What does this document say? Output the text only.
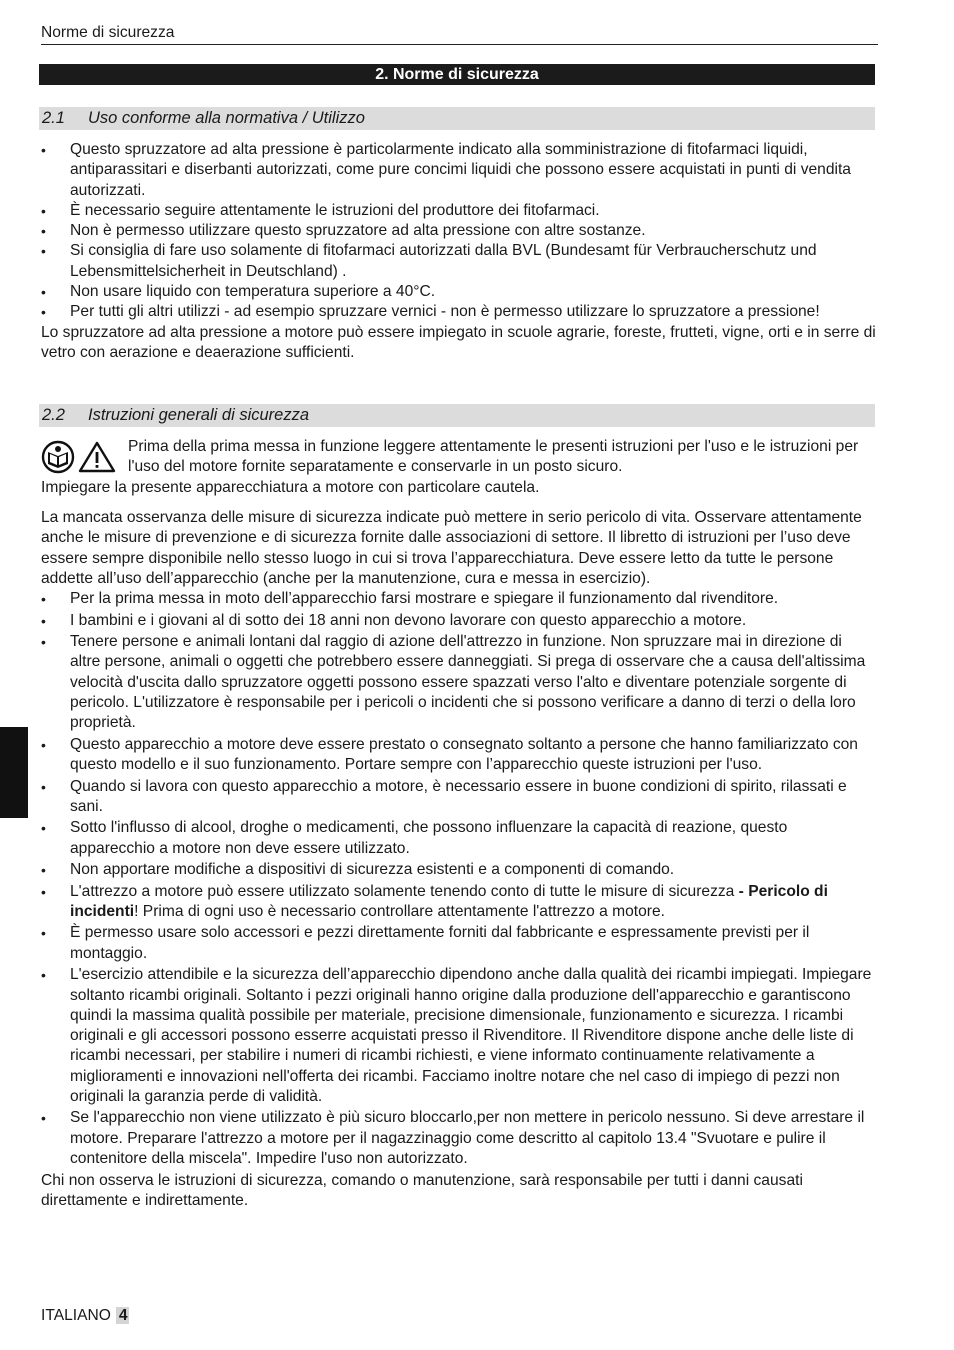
Norme di sicurezza
2. Norme di sicurezza
2.1 Uso conforme alla normativa / Utilizzo
• Questo spruzzatore ad alta pressione è particolarmente indicato alla somministrazione di fitofarmaci liquidi, antiparassitari e diserbanti autorizzati, come pure concimi liquidi che possono essere acquistati in punti di vendita autorizzati.
• È necessario seguire attentamente le istruzioni del produttore dei fitofarmaci.
• Non è permesso utilizzare questo spruzzatore ad alta pressione con altre sostanze.
• Si consiglia di fare uso solamente di fitofarmaci autorizzati dalla BVL (Bundesamt für Verbraucherschutz und Lebensmittelsicherheit in Deutschland) .
• Non usare liquido con temperatura superiore a 40°C.
• Per tutti gli altri utilizzi - ad esempio spruzzare vernici - non è permesso utilizzare lo spruzzatore a pressione!

Lo spruzzatore ad alta pressione a motore può essere impiegato in scuole agrarie, foreste, frutteti, vigne, orti e in serre di vetro con aerazione e deaerazione sufficienti.

2.2 Istruzioni generali di sicurezza
Prima della prima messa in funzione leggere attentamente le presenti istruzioni per l'uso e le istruzioni per l'uso del motore fornite separatamente e conservarle in un posto sicuro.
Impiegare la presente apparecchiatura a motore con particolare cautela.

La mancata osservanza delle misure di sicurezza indicate può mettere in serio pericolo di vita. Osservare attentamente anche le misure di prevenzione e di sicurezza fornite dalle associazioni di settore. Il libretto di istruzioni per l’uso deve essere sempre disponibile nello stesso luogo in cui si trova l’apparecchiatura. Deve essere letto da tutte le persone addette all’uso dell’apparecchio (anche per la manutenzione, cura e messa in esercizio).

• Per la prima messa in moto dell’apparecchio farsi mostrare e spiegare il funzionamento dal rivenditore.
• I bambini e i giovani al di sotto dei 18 anni non devono lavorare con questo apparecchio a motore.
• Tenere persone e animali lontani dal raggio di azione dell'attrezzo in funzione. Non spruzzare mai in direzione di altre persone, animali o oggetti che potrebbero essere danneggiati. Si prega di osservare che a causa dell'altissima velocità d'uscita dallo spruzzatore oggetti possono essere spazzati verso l'alto e diventare potenziale sorgente di pericolo. L'utilizzatore è responsabile per i pericoli o incidenti che si possono verificare a danno di terzi o della loro proprietà.
• Questo apparecchio a motore deve essere prestato o consegnato soltanto a persone che hanno familiarizzato con questo modello e il suo funzionamento. Portare sempre con l’apparecchio queste istruzioni per l'uso.
• Quando si lavora con questo apparecchio a motore, è necessario essere in buone condizioni di spirito, rilassati e sani.
• Sotto l'influsso di alcool, droghe o medicamenti, che possono influenzare la capacità di reazione, questo apparecchio a motore non deve essere utilizzato.
• Non apportare modifiche a dispositivi di sicurezza esistenti e a componenti di comando.
• L'attrezzo a motore può essere utilizzato solamente tenendo conto di tutte le misure di sicurezza - Pericolo di incidenti! Prima di ogni uso è necessario controllare attentamente l'attrezzo a motore.
• È permesso usare solo accessori e pezzi direttamente forniti dal fabbricante e espressamente previsti per il montaggio.
• L'esercizio attendibile e la sicurezza dell’apparecchio dipendono anche dalla qualità dei ricambi impiegati. Impiegare soltanto ricambi originali. Soltanto i pezzi originali hanno origine dalla produzione dell'apparecchio e garantiscono quindi la massima qualità possibile per materiale, precisione dimensionale, funzionamento e sicurezza. I ricambi originali e gli accessori possono esserre acquistati presso il Rivenditore. Il Rivenditore dispone anche delle liste di ricambi necessari, per stabilire i numeri di ricambi richiesti, e viene informato continuamente relativamente a miglioramenti e innovazioni nell'offerta dei ricambi. Facciamo inoltre notare che nel caso di impiego di pezzi non originali la garanzia perde di validità.
• Se l'apparecchio non viene utilizzato è più sicuro bloccarlo,per non mettere in pericolo nessuno. Si deve arrestare il motore. Preparare l'attrezzo a motore per il nagazzinaggio come descritto al capitolo 13.4 "Svuotare e pulire il contenitore della miscela". Impedire l'uso non autorizzato.

Chi non osserva le istruzioni di sicurezza, comando o manutenzione, sarà responsabile per tutti i danni causati direttamente e indirettamente.

ITALIANO 4
